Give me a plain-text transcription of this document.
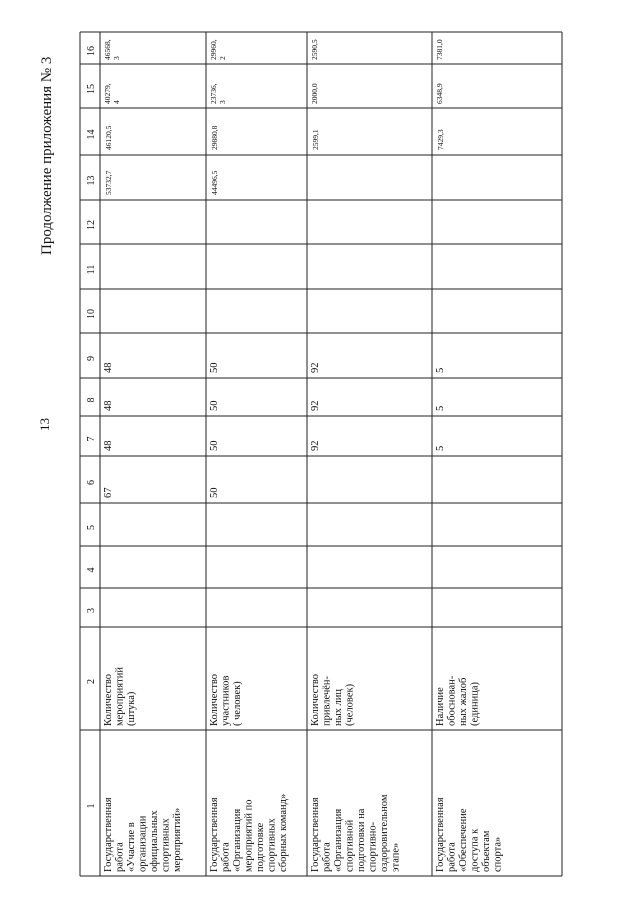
13
Продолжение приложения № 3
1
2
3
4
5
6
7
8
9
10
11
12
13
14
15
16
Государственная работа «Участие в организации официальных спортивных мероприятий»
Количество мероприятий (штука)
67
48
48
48
53732,7
46120,5
40279, 4
46568, 3
Государственная работа «Организация мероприятий по подготовке спортивных сборных команд»
Количество участников ( человек)
50
50
50
50
44496,5
29880,8
23736, 3
29960, 2
Государственная работа «Организация спортивной подготовки на спортивно- оздоровительном этапе»
Количество привлечён- ных лиц (человек)
92
92
92
2599,1
2000,0
2590,5
Государственная работа «Обеспечение доступа к объектам спорта»
Наличие обоснован- ных жалоб (единица)
5
5
5
7429,3
6348,9
7381,0
